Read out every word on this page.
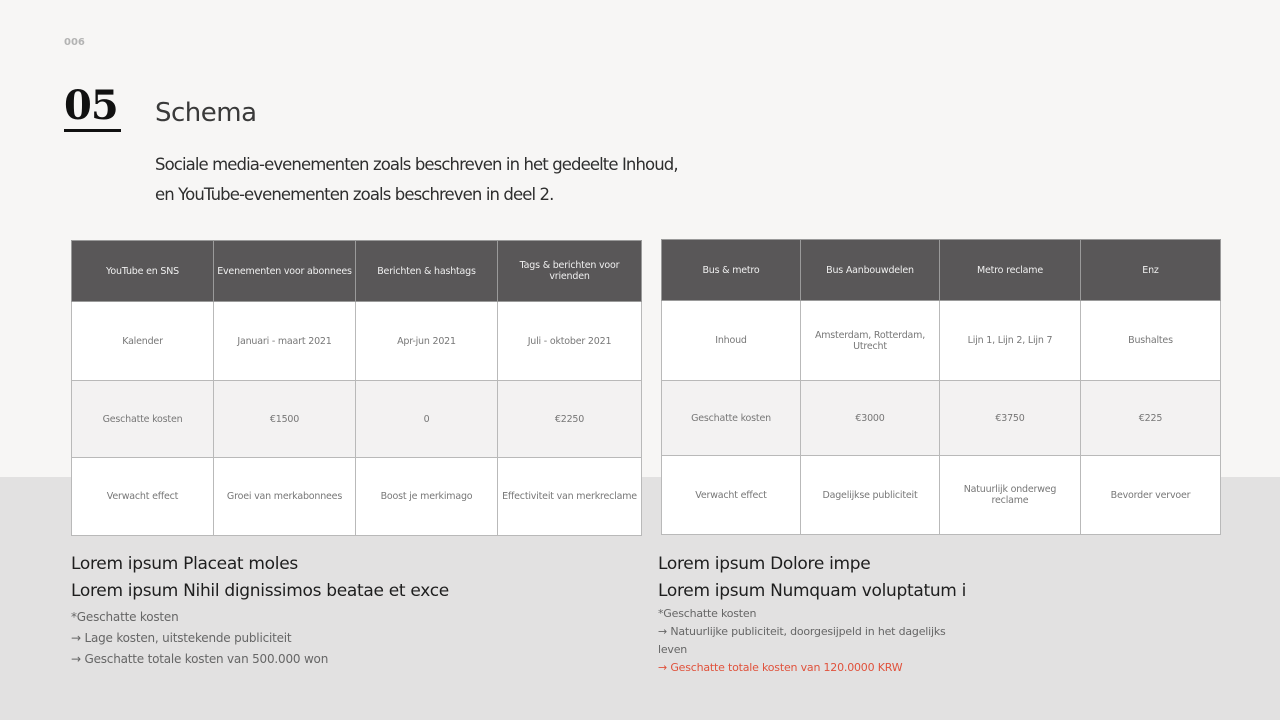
006
05 Schema
Sociale media-evenementen zoals beschreven in het gedeelte Inhoud,
en YouTube-evenementen zoals beschreven in deel 2.
YouTube en SNS	Evenementen voor abonnees	Berichten & hashtags	Tags & berichten voor vrienden
Kalender	Januari - maart 2021	Apr-jun 2021	Juli - oktober 2021
Geschatte kosten	€1500	0	€2250
Verwacht effect	Groei van merkabonnees	Boost je merkimago	Effectiviteit van merkreclame
Bus & metro	Bus Aanbouwdelen	Metro reclame	Enz
Inhoud	Amsterdam, Rotterdam, Utrecht	Lijn 1, Lijn 2, Lijn 7	Bushaltes
Geschatte kosten	€3000	€3750	€225
Verwacht effect	Dagelijkse publiciteit	Natuurlijk onderweg reclame	Bevorder vervoer
Lorem ipsum Placeat moles
Lorem ipsum Nihil dignissimos beatae et exce
*Geschatte kosten
→ Lage kosten, uitstekende publiciteit
→ Geschatte totale kosten van 500.000 won
Lorem ipsum Dolore impe
Lorem ipsum Numquam voluptatum i
*Geschatte kosten
→ Natuurlijke publiciteit, doorgesijpeld in het dagelijks leven
→ Geschatte totale kosten van 120.0000 KRW
